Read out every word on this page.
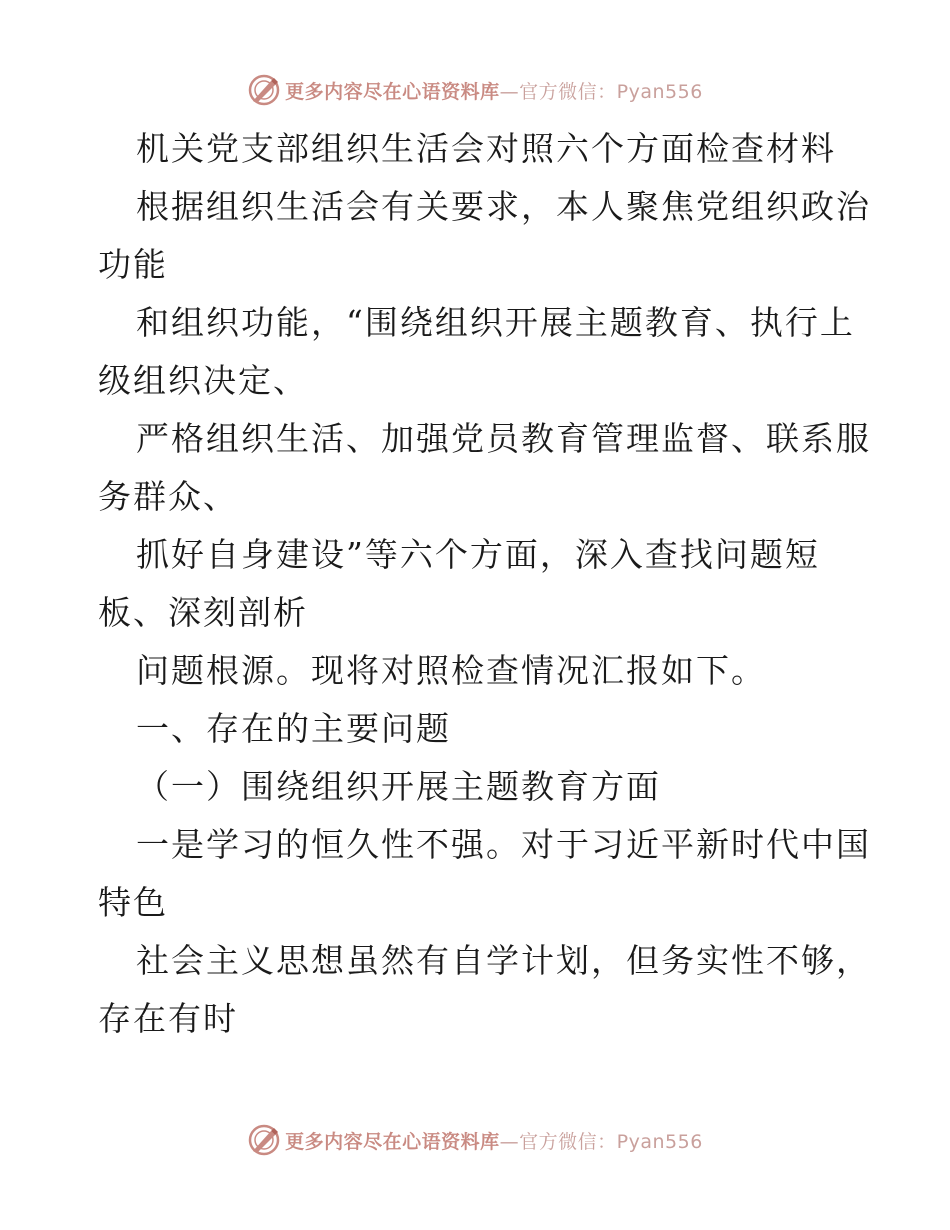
更多内容尽在心语资料库—官方微信：Pyan556
机关党支部组织生活会对照六个方面检查材料
根据组织生活会有关要求，本人聚焦党组织政治
功能
和组织功能，“围绕组织开展主题教育、执行上
级组织决定、
严格组织生活、加强党员教育管理监督、联系服
务群众、
抓好自身建设”等六个方面，深入查找问题短
板、深刻剖析
问题根源。现将对照检查情况汇报如下。
一、存在的主要问题
（一）围绕组织开展主题教育方面
一是学习的恒久性不强。对于习近平新时代中国
特色
社会主义思想虽然有自学计划，但务实性不够，
存在有时
更多内容尽在心语资料库—官方微信：Pyan556
